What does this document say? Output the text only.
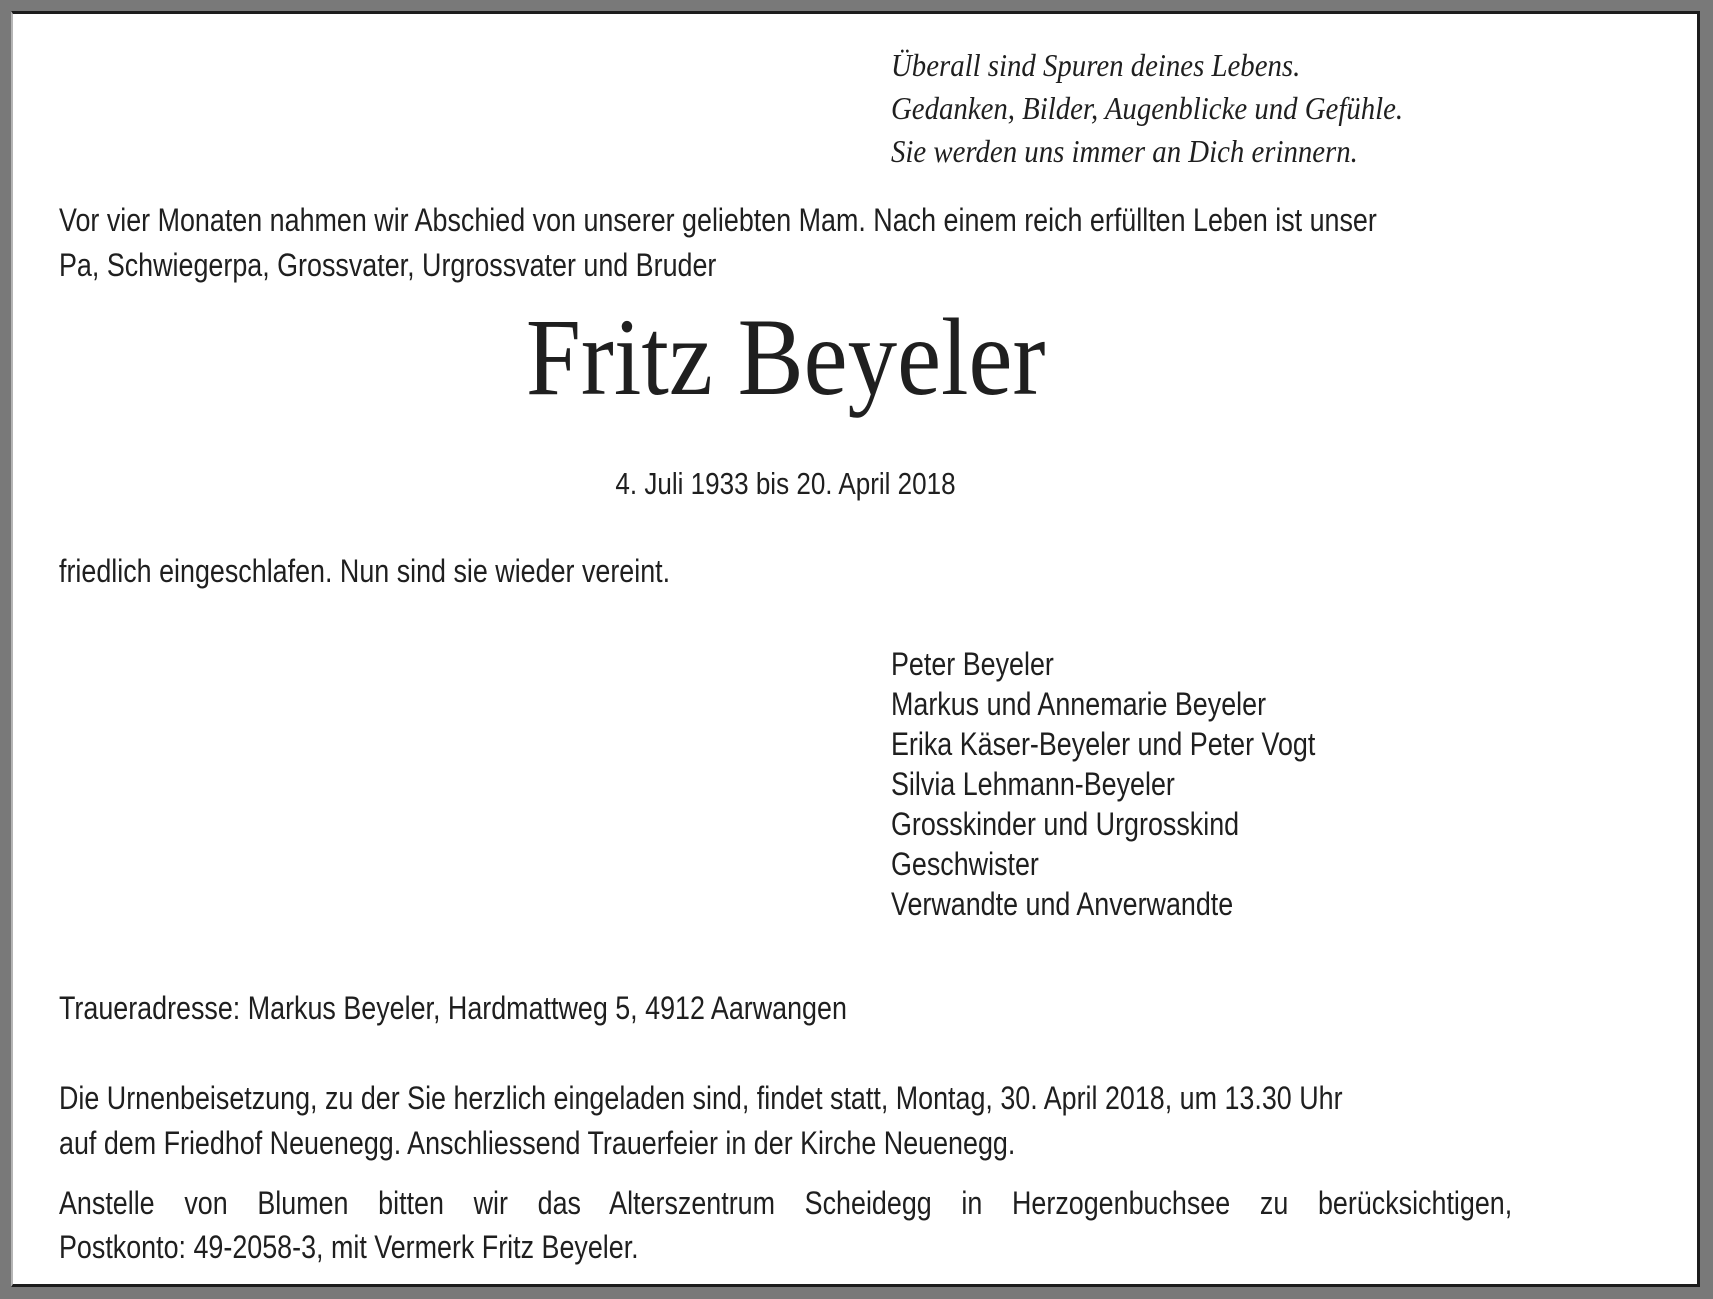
Überall sind Spuren deines Lebens.
Gedanken, Bilder, Augenblicke und Gefühle.
Sie werden uns immer an Dich erinnern.
Vor vier Monaten nahmen wir Abschied von unserer geliebten Mam. Nach einem reich erfüllten Leben ist unser
Pa, Schwiegerpa, Grossvater, Urgrossvater und Bruder
Fritz Beyeler
4. Juli 1933 bis 20. April 2018
friedlich eingeschlafen. Nun sind sie wieder vereint.
Peter Beyeler
Markus und Annemarie Beyeler
Erika Käser-Beyeler und Peter Vogt
Silvia Lehmann-Beyeler
Grosskinder und Urgrosskind
Geschwister
Verwandte und Anverwandte
Traueradresse: Markus Beyeler, Hardmattweg 5, 4912 Aarwangen
Die Urnenbeisetzung, zu der Sie herzlich eingeladen sind, findet statt, Montag, 30. April 2018, um 13.30 Uhr
auf dem Friedhof Neuenegg. Anschliessend Trauerfeier in der Kirche Neuenegg.
Anstelle von Blumen bitten wir das Alterszentrum Scheidegg in Herzogenbuchsee zu berücksichtigen,
Postkonto: 49-2058-3, mit Vermerk Fritz Beyeler.
